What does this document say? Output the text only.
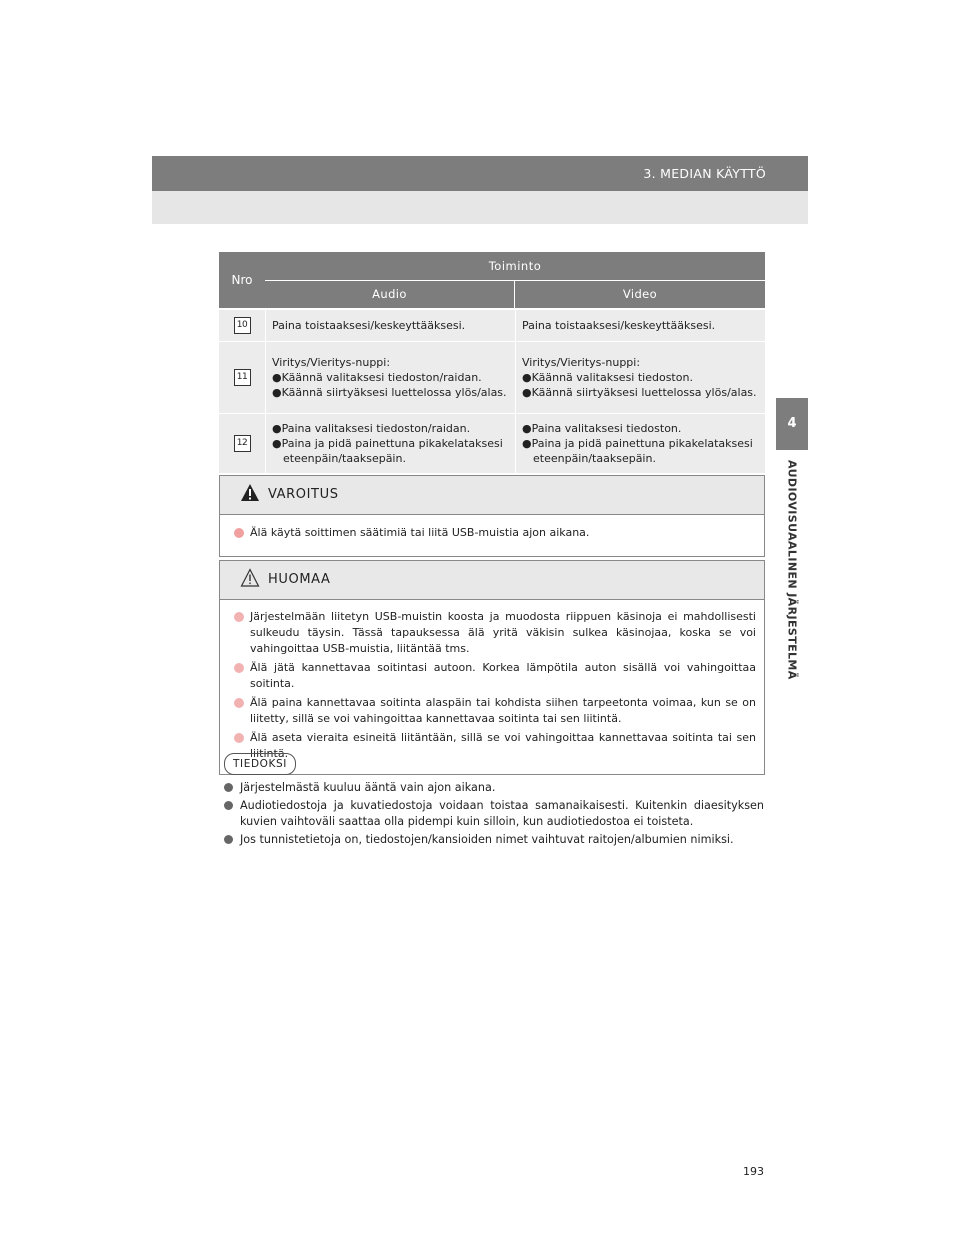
3. MEDIAN KÄYTTÖ
4
AUDIOVISUAALINEN JÄRJESTELMÄ
Nro
Toiminto
Audio	Video
10 Paina toistaaksesi/keskeyttääksesi.	Paina toistaaksesi/keskeyttääksesi.
11
Viritys/Vieritys-nuppi:
●Käännä valitaksesi tiedoston/raidan.
●Käännä siirtyäksesi luettelossa ylös/alas.
Viritys/Vieritys-nuppi:
●Käännä valitaksesi tiedoston.
●Käännä siirtyäksesi luettelossa ylös/alas.
12
●Paina valitaksesi tiedoston/raidan.
●Paina ja pidä painettuna pikakelataksesi eteenpäin/taaksepäin.
●Paina valitaksesi tiedoston.
●Paina ja pidä painettuna pikakelataksesi eteenpäin/taaksepäin.
VAROITUS
Älä käytä soittimen säätimiä tai liitä USB-muistia ajon aikana.
HUOMAA
Järjestelmään liitetyn USB-muistin koosta ja muodosta riippuen käsinoja ei mahdollisesti sulkeudu täysin. Tässä tapauksessa älä yritä väkisin sulkea käsinojaa, koska se voi vahingoittaa USB-muistia, liitäntää tms.
Älä jätä kannettavaa soitintasi autoon. Korkea lämpötila auton sisällä voi vahingoittaa soitinta.
Älä paina kannettavaa soitinta alaspäin tai kohdista siihen tarpeetonta voimaa, kun se on liitetty, sillä se voi vahingoittaa kannettavaa soitinta tai sen liitintä.
Älä aseta vieraita esineitä liitäntään, sillä se voi vahingoittaa kannettavaa soitinta tai sen liitintä.
TIEDOKSI
Järjestelmästä kuuluu ääntä vain ajon aikana.
Audiotiedostoja ja kuvatiedostoja voidaan toistaa samanaikaisesti. Kuitenkin diaesityksen kuvien vaihtoväli saattaa olla pidempi kuin silloin, kun audiotiedostoa ei toisteta.
Jos tunnistetietoja on, tiedostojen/kansioiden nimet vaihtuvat raitojen/albumien nimiksi.
193
